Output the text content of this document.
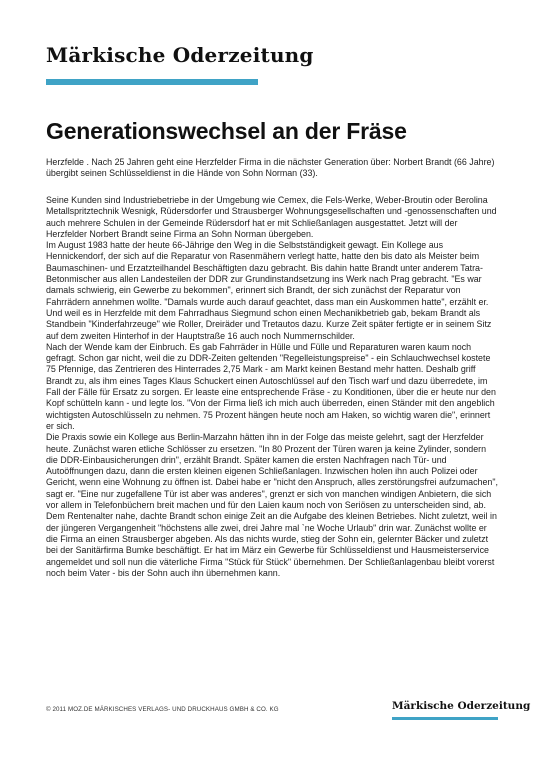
Märkische Oderzeitung
Generationswechsel an der Fräse
Herzfelde . Nach 25 Jahren geht eine Herzfelder Firma in die nächster Generation über: Norbert Brandt (66 Jahre) übergibt seinen Schlüsseldienst in die Hände von Sohn Norman (33).

Seine Kunden sind Industriebetriebe in der Umgebung wie Cemex, die Fels-Werke, Weber-Broutin oder Berolina Metallspritztechnik Wesnigk, Rüdersdorfer und Strausberger Wohnungsgesellschaften und -genossenschaften und auch mehrere Schulen in der Gemeinde Rüdersdorf hat er mit Schließanlagen ausgestattet. Jetzt will der Herzfelder Norbert Brandt seine Firma an Sohn Norman übergeben.

Im August 1983 hatte der heute 66-Jährige den Weg in die Selbstständigkeit gewagt. Ein Kollege aus Hennickendorf, der sich auf die Reparatur von Rasenmähern verlegt hatte, hatte den bis dato als Meister beim Baumaschinen- und Erzatzteilhandel Beschäftigten dazu gebracht. Bis dahin hatte Brandt unter anderem Tatra-Betonmischer aus allen Landesteilen der DDR zur Grundinstandsetzung ins Werk nach Prag gebracht. "Es war damals schwierig, ein Gewerbe zu bekommen", erinnert sich Brandt, der sich zunächst der Reparatur von Fahrrädern annehmen wollte. "Damals wurde auch darauf geachtet, dass man ein Auskommen hatte", erzählt er. Und weil es in Herzfelde mit dem Fahrradhaus Siegmund schon einen Mechanikbetrieb gab, bekam Brandt als Standbein "Kinderfahrzeuge" wie Roller, Dreiräder und Tretautos dazu. Kurze Zeit später fertigte er in seinem Sitz auf dem zweiten Hinterhof in der Hauptstraße 16 auch noch Nummernschilder.

Nach der Wende kam der Einbruch. Es gab Fahrräder in Hülle und Fülle und Reparaturen waren kaum noch gefragt. Schon gar nicht, weil die zu DDR-Zeiten geltenden "Regelleistungspreise" - ein Schlauchwechsel kostete 75 Pfennige, das Zentrieren des Hinterrades 2,75 Mark - am Markt keinen Bestand mehr hatten. Deshalb griff Brandt zu, als ihm eines Tages Klaus Schuckert einen Autoschlüssel auf den Tisch warf und dazu überredete, im Fall der Fälle für Ersatz zu sorgen. Er leaste eine entsprechende Fräse - zu Konditionen, über die er heute nur den Kopf schütteln kann - und legte los. "Von der Firma ließ ich mich auch überreden, einen Ständer mit den angeblich wichtigsten Autoschlüsseln zu nehmen. 75 Prozent hängen heute noch am Haken, so wichtig waren die", erinnert er sich.

Die Praxis sowie ein Kollege aus Berlin-Marzahn hätten ihn in der Folge das meiste gelehrt, sagt der Herzfelder heute. Zunächst waren etliche Schlösser zu ersetzen. "In 80 Prozent der Türen waren ja keine Zylinder, sondern die DDR-Einbausicherungen drin", erzählt Brandt. Später kamen die ersten Nachfragen nach Tür- und Autoöffnungen dazu, dann die ersten kleinen eigenen Schließanlagen. Inzwischen holen ihn auch Polizei oder Gericht, wenn eine Wohnung zu öffnen ist. Dabei habe er "nicht den Anspruch, alles zerstörungsfrei aufzumachen", sagt er. "Eine nur zugefallene Tür ist aber was anderes", grenzt er sich von manchen windigen Anbietern, die sich vor allem in Telefonbüchern breit machen und für den Laien kaum noch von Seriösen zu unterscheiden sind, ab.

Dem Rentenalter nahe, dachte Brandt schon einige Zeit an die Aufgabe des kleinen Betriebes. Nicht zuletzt, weil in der jüngeren Vergangenheit "höchstens alle zwei, drei Jahre mal `ne Woche Urlaub" drin war. Zunächst wollte er die Firma an einen Strausberger abgeben. Als das nichts wurde, stieg der Sohn ein, gelernter Bäcker und zuletzt bei der Sanitärfirma Bumke beschäftigt. Er hat im März ein Gewerbe für Schlüsseldienst und Hausmeisterservice angemeldet und soll nun die väterliche Firma "Stück für Stück" übernehmen. Der Schließanlagenbau bleibt vorerst noch beim Vater - bis der Sohn auch ihn übernehmen kann.

© 2011 MOZ.DE MÄRKISCHES VERLAGS- UND DRUCKHAUS GMBH & CO. KG	Märkische Oderzeitung
